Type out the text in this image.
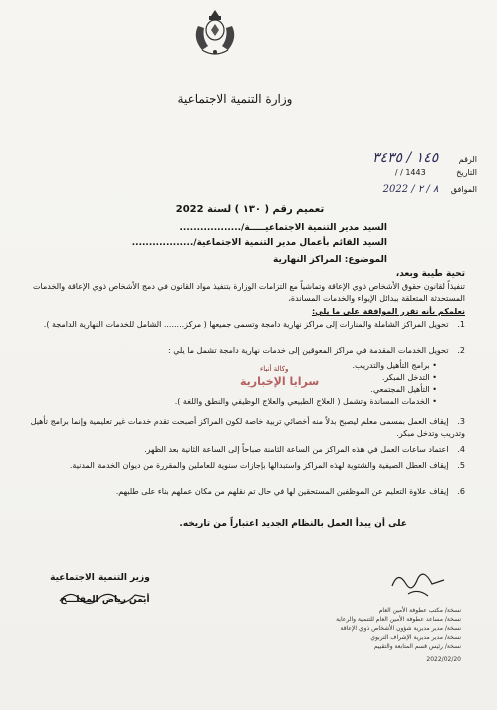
وزارة التنمية الاجتماعية
الرقم ١٤٥ / ٣٤٣٥
التاريخ 1443 / /
الموافق ٨ / ٢ / 2022
تعميم رقم ( ١٣٠ ) لسنة 2022
السيد مدير التنمية الاجتماعيـــــة/..................
السيد القائم بأعمال مدير التنمية الاجتماعية/..................
الموضوع: المراكز النهارية
تحية طيبة وبعد،
تنفيذاً لقانون حقوق الأشخاص ذوي الإعاقة وتماشياً مع التزامات الوزارة بتنفيذ مواد القانون في دمج الأشخاص ذوي الإعاقة والخدمات المستحدثة المتعلقة ببدائل الإيواء والخدمات المساندة،
نعلمكم بأنه تقرر الموافقة على ما يلي:
1. تحويل المراكز الشاملة والمنارات إلى مراكز نهارية دامجة وتسمى جميعها ( مركز........ الشامل للخدمات النهارية الدامجة ).
2. تحويل الخدمات المقدمة في مراكز المعوقين إلى خدمات نهارية دامجة تشمل ما يلي :
• برامج التأهيل والتدريب.
• التدخل المبكر.
• التأهيل المجتمعي.
• الخدمات المساندة وتشمل ( العلاج الطبيعي والعلاج الوظيفي والنطق واللغة ).
3. إيقاف العمل بمسمى معلم ليصبح بدلاً منه أخصائي تربية خاصة لكون المراكز أصبحت تقدم خدمات غير تعليمية وإنما برامج تأهيل وتدريب وتدخل مبكر.
4. اعتماد ساعات العمل في هذه المراكز من الساعة الثامنة صباحاً إلى الساعة الثانية بعد الظهر.
5. إيقاف العطل الصيفية والشتوية لهذه المراكز واستبدالها بإجازات سنوية للعاملين والمقررة من ديوان الخدمة المدنية.
6. إيقاف علاوة التعليم عن الموظفين المستحقين لها في حال تم نقلهم من مكان عملهم بناء على طلبهم.
على أن يبدأ العمل بالنظام الجديد اعتباراً من تاريخه.
وكالة أنباء
سرايا الإخبارية
وزير التنمية الاجتماعية
أيمن رياض المفلـــح
نسخة/ مكتب عطوفة الأمين العام
نسخة/ مساعد عطوفة الأمين العام للتنمية والرعاية
نسخة/ مدير مديرية شؤون الأشخاص ذوي الإعاقة
نسخة/ مدير مديرية الإشراف التربوي
نسخة/ رئيس قسم المتابعة والتقييم
2022/02/20
